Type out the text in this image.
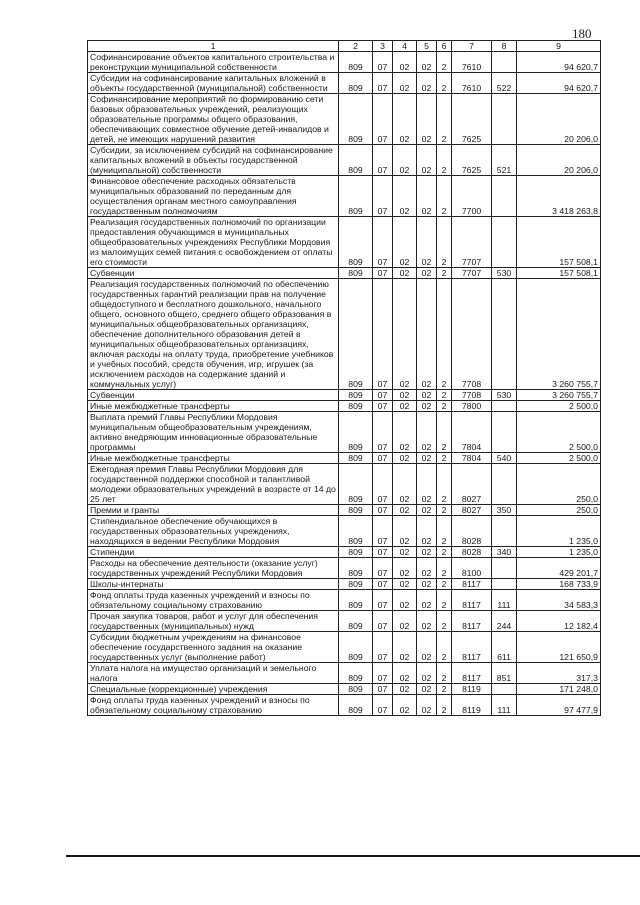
180
1	2	3	4	5	6	7	8	9
Софинансирование объектов капитального строительства и реконструкции муниципальной собственности	809	07	02	02	2	7610		94 620,7
Субсидии на софинансирование капитальных вложений в объекты государственной (муниципальной) собственности	809	07	02	02	2	7610	522	94 620,7
Софинансирование мероприятий по формированию сети базовых образовательных учреждений, реализующих образовательные программы общего образования, обеспечивающих совместное обучение детей-инвалидов и детей, не имеющих нарушений развития	809	07	02	02	2	7625		20 206,0
Субсидии, за исключением субсидий на софинансирование капитальных вложений в объекты государственной (муниципальной) собственности	809	07	02	02	2	7625	521	20 206,0
Финансовое обеспечение расходных обязательств муниципальных образований по переданным для осуществления органам местного самоуправления государственным полномочиям	809	07	02	02	2	7700		3 418 263,8
Реализация государственных полномочий по организации предоставления обучающимся в муниципальных общеобразовательных учреждениях Республики Мордовия из малоимущих семей питания с освобождением от оплаты его стоимости	809	07	02	02	2	7707		157 508,1
Субвенции	809	07	02	02	2	7707	530	157 508,1
Реализация государственных полномочий по обеспечению государственных гарантий реализации прав на получение общедоступного и бесплатного дошкольного, начального общего, основного общего, среднего общего образования в муниципальных общеобразовательных организациях, обеспечение дополнительного образования детей в муниципальных общеобразовательных организациях, включая расходы на оплату труда, приобретение учебников и учебных пособий, средств обучения, игр, игрушек (за исключением расходов на содержание зданий и коммунальных услуг)	809	07	02	02	2	7708		3 260 755,7
Субвенции	809	07	02	02	2	7708	530	3 260 755,7
Иные межбюджетные трансферты	809	07	02	02	2	7800		2 500,0
Выплата премий Главы Республики Мордовия муниципальным общеобразовательным учреждениям, активно внедряющим инновационные образовательные программы	809	07	02	02	2	7804		2 500,0
Иные межбюджетные трансферты	809	07	02	02	2	7804	540	2 500,0
Ежегодная премия Главы Республики Мордовия для государственной поддержки способной и талантливой молодежи образовательных учреждений в возрасте от 14 до 25 лет	809	07	02	02	2	8027		250,0
Премии и гранты	809	07	02	02	2	8027	350	250,0
Стипендиальное обеспечение обучающихся в государственных образовательных учреждениях, находящихся в ведении Республики Мордовия	809	07	02	02	2	8028		1 235,0
Стипендии	809	07	02	02	2	8028	340	1 235,0
Расходы на обеспечение деятельности (оказание услуг) государственных учреждений Республики Мордовия	809	07	02	02	2	8100		429 201,7
Школы-интернаты	809	07	02	02	2	8117		168 733,9
Фонд оплаты труда казенных учреждений и взносы по обязательному социальному страхованию	809	07	02	02	2	8117	111	34 583,3
Прочая закупка товаров, работ и услуг для обеспечения государственных (муниципальных) нужд	809	07	02	02	2	8117	244	12 182,4
Субсидии бюджетным учреждениям на финансовое обеспечение государственного задания на оказание государственных услуг (выполнение работ)	809	07	02	02	2	8117	611	121 650,9
Уплата налога на имущество организаций и земельного налога	809	07	02	02	2	8117	851	317,3
Специальные (коррекционные) учреждения	809	07	02	02	2	8119		171 248,0
Фонд оплаты труда казенных учреждений и взносы по обязательному социальному страхованию	809	07	02	02	2	8119	111	97 477,9
